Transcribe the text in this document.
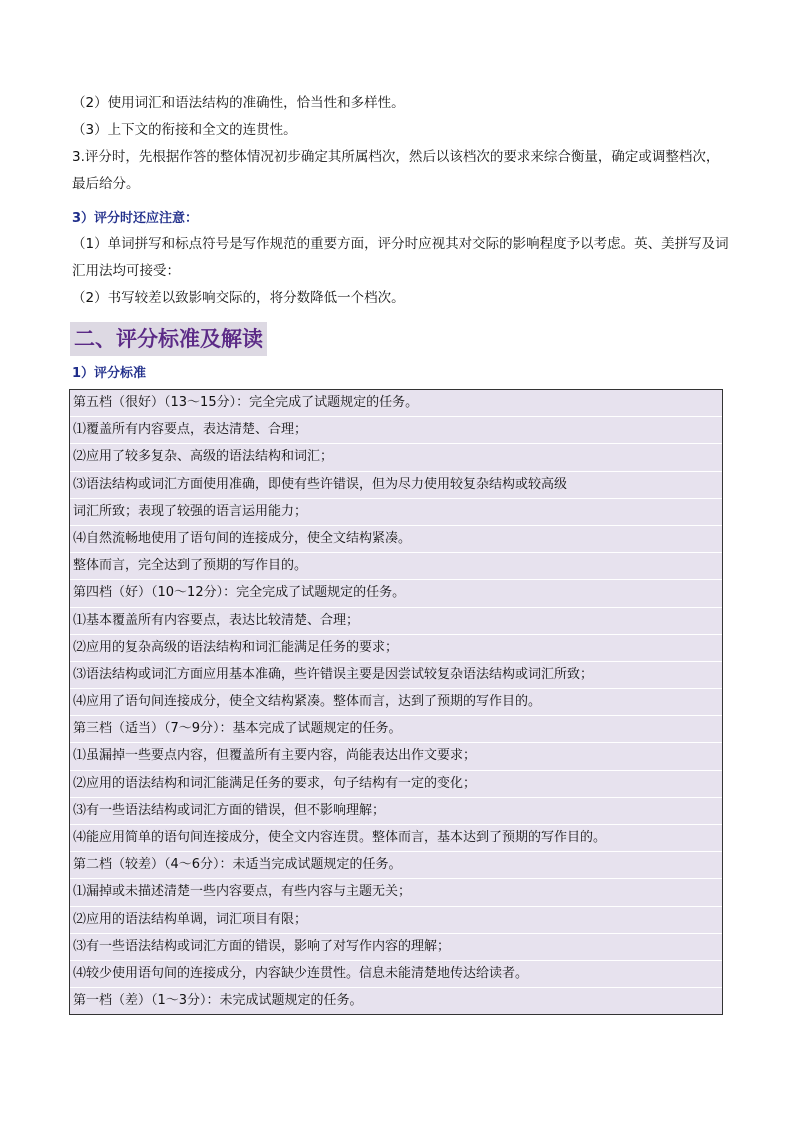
（2）使用词汇和语法结构的准确性，恰当性和多样性。

（3）上下文的衔接和全文的连贯性。

3.评分时，先根据作答的整体情况初步确定其所属档次，然后以该档次的要求来综合衡量，确定或调整档次，最后给分。

3）评分时还应注意：

（1）单词拼写和标点符号是写作规范的重要方面，评分时应视其对交际的影响程度予以考虑。英、美拼写及词汇用法均可接受：

（2）书写较差以致影响交际的，将分数降低一个档次。

二、评分标准及解读

1）评分标准

第五档（很好）（13～15分）：完全完成了试题规定的任务。
⑴覆盖所有内容要点，表达清楚、合理；
⑵应用了较多复杂、高级的语法结构和词汇；
⑶语法结构或词汇方面使用准确，即使有些许错误，但为尽力使用较复杂结构或较高级
词汇所致；表现了较强的语言运用能力；
⑷自然流畅地使用了语句间的连接成分，使全文结构紧凑。
整体而言，完全达到了预期的写作目的。
第四档（好）（10～12分）：完全完成了试题规定的任务。
⑴基本覆盖所有内容要点，表达比较清楚、合理；
⑵应用的复杂高级的语法结构和词汇能满足任务的要求；
⑶语法结构或词汇方面应用基本准确，些许错误主要是因尝试较复杂语法结构或词汇所致；
⑷应用了语句间连接成分，使全文结构紧凑。整体而言，达到了预期的写作目的。
第三档（适当）（7～9分）：基本完成了试题规定的任务。
⑴虽漏掉一些要点内容，但覆盖所有主要内容，尚能表达出作文要求；
⑵应用的语法结构和词汇能满足任务的要求，句子结构有一定的变化；
⑶有一些语法结构或词汇方面的错误，但不影响理解；
⑷能应用简单的语句间连接成分，使全文内容连贯。整体而言，基本达到了预期的写作目的。
第二档（较差）（4～6分）：未适当完成试题规定的任务。
⑴漏掉或未描述清楚一些内容要点，有些内容与主题无关；
⑵应用的语法结构单调，词汇项目有限；
⑶有一些语法结构或词汇方面的错误，影响了对写作内容的理解；
⑷较少使用语句间的连接成分，内容缺少连贯性。信息未能清楚地传达给读者。
第一档（差）（1～3分）：未完成试题规定的任务。
